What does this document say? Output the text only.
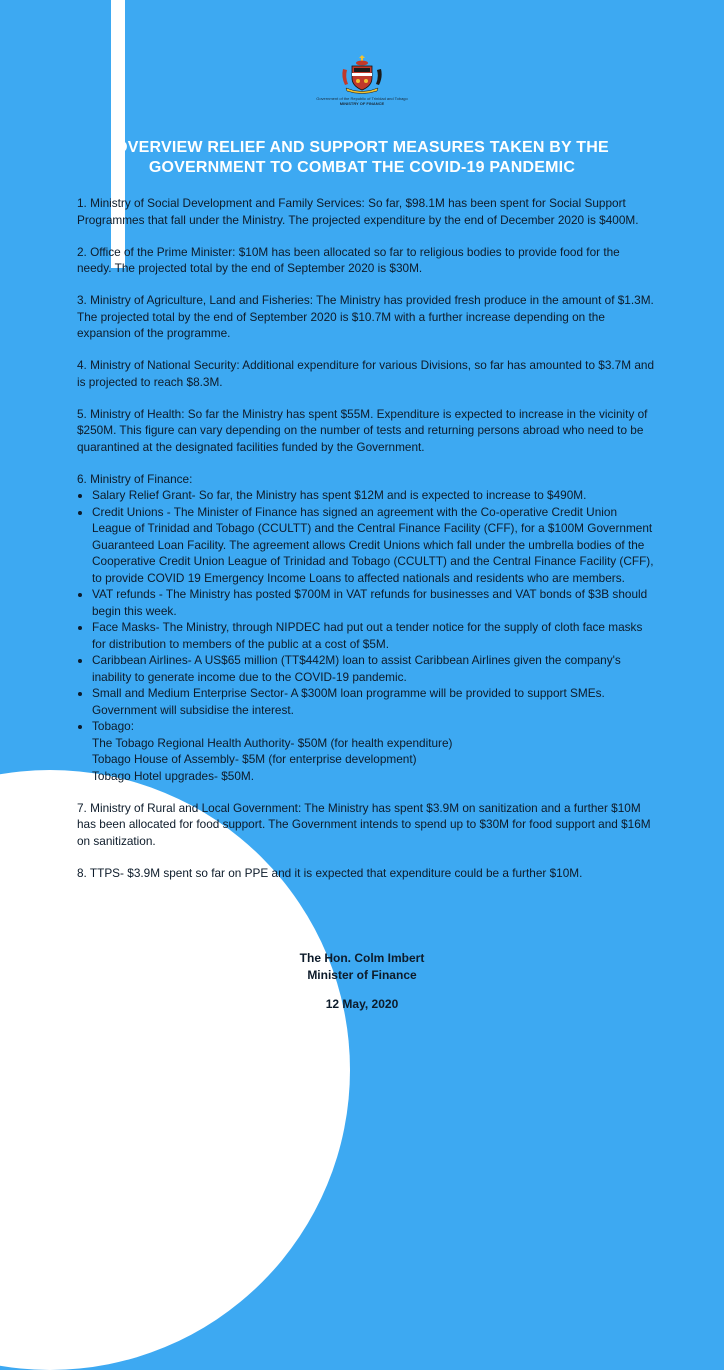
Government of the Republic of Trinidad and Tobago
MINISTRY OF FINANCE
OVERVIEW RELIEF AND SUPPORT MEASURES TAKEN BY THE GOVERNMENT TO COMBAT THE COVID-19 PANDEMIC

1. Ministry of Social Development and Family Services: So far, $98.1M has been spent for Social Support Programmes that fall under the Ministry. The projected expenditure by the end of December 2020 is $400M.

2. Office of the Prime Minister: $10M has been allocated so far to religious bodies to provide food for the needy. The projected total by the end of September 2020 is $30M.

3. Ministry of Agriculture, Land and Fisheries: The Ministry has provided fresh produce in the amount of $1.3M. The projected total by the end of September 2020 is $10.7M with a further increase depending on the expansion of the programme.

4. Ministry of National Security: Additional expenditure for various Divisions, so far has amounted to $3.7M and is projected to reach $8.3M.

5. Ministry of Health: So far the Ministry has spent $55M. Expenditure is expected to increase in the vicinity of $250M. This figure can vary depending on the number of tests and returning persons abroad who need to be quarantined at the designated facilities funded by the Government.

6. Ministry of Finance:
• Salary Relief Grant- So far, the Ministry has spent $12M and is expected to increase to $490M.
• Credit Unions - The Minister of Finance has signed an agreement with the Co-operative Credit Union League of Trinidad and Tobago (CCULTT) and the Central Finance Facility (CFF), for a $100M Government Guaranteed Loan Facility. The agreement allows Credit Unions which fall under the umbrella bodies of the Cooperative Credit Union League of Trinidad and Tobago (CCULTT) and the Central Finance Facility (CFF), to provide COVID 19 Emergency Income Loans to affected nationals and residents who are members.
• VAT refunds - The Ministry has posted $700M in VAT refunds for businesses and VAT bonds of $3B should begin this week.
• Face Masks- The Ministry, through NIPDEC had put out a tender notice for the supply of cloth face masks for distribution to members of the public at a cost of $5M.
• Caribbean Airlines- A US$65 million (TT$442M) loan to assist Caribbean Airlines given the company's inability to generate income due to the COVID-19 pandemic.
• Small and Medium Enterprise Sector- A $300M loan programme will be provided to support SMEs. Government will subsidise the interest.
• Tobago:
The Tobago Regional Health Authority- $50M (for health expenditure)
Tobago House of Assembly- $5M (for enterprise development)
Tobago Hotel upgrades- $50M.

7. Ministry of Rural and Local Government: The Ministry has spent $3.9M on sanitization and a further $10M has been allocated for food support. The Government intends to spend up to $30M for food support and $16M on sanitization.

8. TTPS- $3.9M spent so far on PPE and it is expected that expenditure could be a further $10M.

The Hon. Colm Imbert
Minister of Finance
12 May, 2020
